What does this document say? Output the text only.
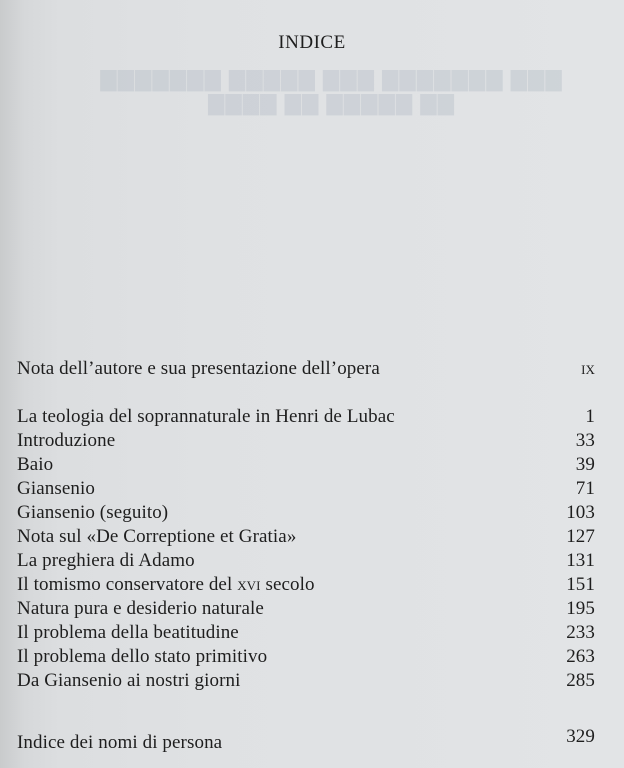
▇▇▇ ▇▇▇▇▇▇▇ ▇▇▇ ▇▇▇▇▇ ▇▇▇▇▇▇▇
▇▇ ▇▇▇▇▇ ▇▇ ▇▇▇▇
INDICE
Nota dell’autore e sua presentazione dell’opera	ix
La teologia del soprannaturale in Henri de Lubac	1
Introduzione	33
Baio	39
Giansenio	71
Giansenio (seguito)	103
Nota sul «De Correptione et Gratia»	127
La preghiera di Adamo	131
Il tomismo conservatore del xvi secolo	151
Natura pura e desiderio naturale	195
Il problema della beatitudine	233
Il problema dello stato primitivo	263
Da Giansenio ai nostri giorni	285
Indice dei nomi di persona	329
